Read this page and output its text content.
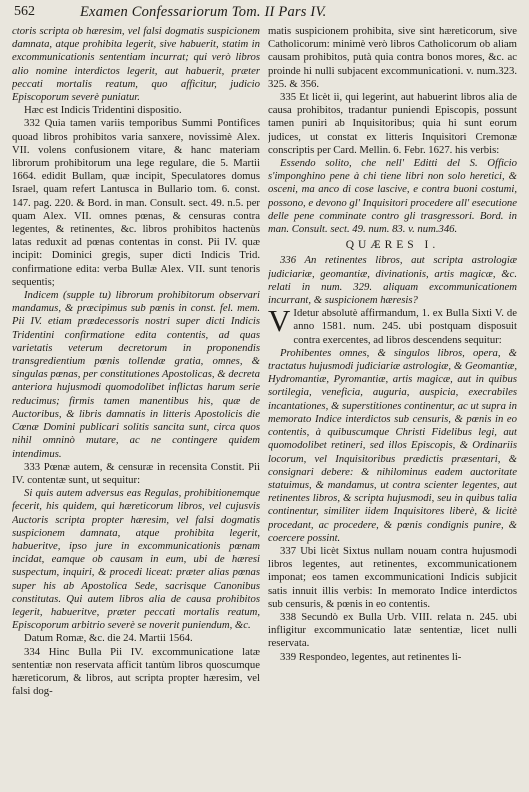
562	Examen Confessariorum Tom. II Pars IV.

ctoris scripta ob hæresim, vel falsi dogmatis suspicionem damnata, atque prohibita legerit, sive habuerit, statim in excommunicationis sententiam incurrat; qui verò libros alio nomine interdictos legerit, aut habuerit, præter peccati mortalis reatum, quo afficitur, judicio Episcoporum severè puniatur.

Hæc est Indicis Tridentini dispositio.

332 Quia tamen variis temporibus Summi Pontifices quoad libros prohibitos varia sanxere, novissimè Alex. VII. volens confusionem vitare, & hanc materiam librorum prohibitorum una lege regulare, die 5. Martii 1664. edidit Bullam, quæ incipit, Speculatores domus Israel, quam refert Lantusca in Bullario tom. 6. const. 147. pag. 220. & Bord. in man. Consult. sect. 49. n.5. per quam Alex. VII. omnes pœnas, & censuras contra legentes, & retinentes, &c. libros prohibitos hactenùs latas reduxit ad pœnas contentas in const. Pii IV. quæ incipit: Dominici gregis, super dicti Indicis Trid. confirmatione edita: verba Bullæ Alex. VII. sunt tenoris sequentis;

Indicem (supple tu) librorum prohibitorum observari mandamus, & præcipimus sub pœnis in const. fel. mem. Pii IV. etiam prædecessoris nostri super dicti Indicis Tridentini confirmatione edita contentis, ad quas varietatis veterum decretorum in proponendis transgredientium pœnis tollendæ gratia, omnes, & singulas pœnas, per constitutiones Apostolicas, & decreta anteriora hujusmodi quomodolibet inflictas harum serie reducimus; firmis tamen manentibus his, quæ de Auctoribus, & libris damnatis in litteris Apostolicis die Cœnæ Domini publicari solitis sancita sunt, circa quos nihil omninò mutare, ac ne contingere quidem intendimus.

333 Pœnæ autem, & censuræ in recensita Constit. Pii IV. contentæ sunt, ut sequitur:

Si quis autem adversus eas Regulas, prohibitionemque fecerit, his quidem, qui hæreticorum libros, vel cujusvis Auctoris scripta propter hæresim, vel falsi dogmatis suspicionem damnata, atque prohibita legerit, habueritve, ipso jure in excommunicationis pœnam incidat, eamque ob causam in eum, ubi de hæresi suspectum, inquiri, & procedi liceat: præter alias pœnas super his ab Apostolica Sede, sacrisque Canonibus constitutas. Qui autem libros alia de causa prohibitos legerit, habueritve, præter peccati mortalis reatum, Episcoporum arbitrio severè se noverit puniendum, &c.

Datum Romæ, &c. die 24. Martii 1564.

334 Hinc Bulla Pii IV. excommunicatione latæ sententiæ non reservata afficit tantùm libros quoscumque hæreticorum, & libros, aut scripta propter hæresim, vel falsi dog-

matis suspicionem prohibita, sive sint hæreticorum, sive Catholicorum: minimè verò libros Catholicorum ob aliam causam prohibitos, putà quia contra bonos mores, &c. ac proinde hi nulli subjacent excommunicationi. v. num.323. 325. & 356.

335 Et licèt ii, qui legerint, aut habuerint libros alia de causa prohibitos, tradantur puniendi Episcopis, possunt tamen puniri ab Inquisitoribus; quia hi sunt eorum judices, ut constat ex litteris Inquisitori Cremonæ conscriptis per Card. Mellin. 6. Febr. 1627. his verbis:

Essendo solito, che nell' Editti del S. Officio s'imponghino pene à chi tiene libri non solo heretici, & osceni, ma anco di cose lascive, e contra buoni costumi, possono, e devono gl' Inquisitori procedere all' esecutione delle pene comminate contro gli trasgressori. Bord. in man. Consult. sect. 49. num. 83. v. num.346.

QUÆRES I.

336 An retinentes libros, aut scripta astrologiæ judiciariæ, geomantiæ, divinationis, artis magicæ, &c. relati in num. 329. aliquam excommunicationem incurrant, & suspicionem hæresis?

V Idetur absolutè affirmandum, 1. ex Bulla Sixti V. de anno 1581. num. 245. ubi postquam disposuit contra exercentes, ad libros descendens sequitur:

Prohibentes omnes, & singulos libros, opera, & tractatus hujusmodi judiciariæ astrologiæ, & Geomantiæ, Hydromantiæ, Pyromantiæ, artis magicæ, aut in quibus sortilegia, veneficia, auguria, auspicia, execrabiles incantationes, & superstitiones continentur, ac ut supra in memorato Indice interdictos sub censuris, & pœnis in eo contentis, à quibuscumque Christi Fidelibus legi, aut quomodolibet retineri, sed illos Episcopis, & Ordinariis locorum, vel Inquisitoribus prædictis præsentari, & consignari debere: & nihilominus eadem auctoritate statuimus, & mandamus, ut contra scienter legentes, aut retinentes libros, & scripta hujusmodi, seu in quibus talia continentur, similiter iidem Inquisitores liberè, & licitè procedant, ac procedere, & pœnis condignis punire, & coercere possint.

337 Ubi licèt Sixtus nullam nouam contra hujusmodi libros legentes, aut retinentes, excommunicationem imponat; eos tamen excommunicationi Indicis subjicit satis innuit illis verbis: In memorato Indice interdictos sub censuris, & pœnis in eo contentis.

338 Secundò ex Bulla Urb. VIII. relata n. 245. ubi infligitur excommunicatio latæ sententiæ, licet nulli reservata.

339 Respondeo, legentes, aut retinentes li-
